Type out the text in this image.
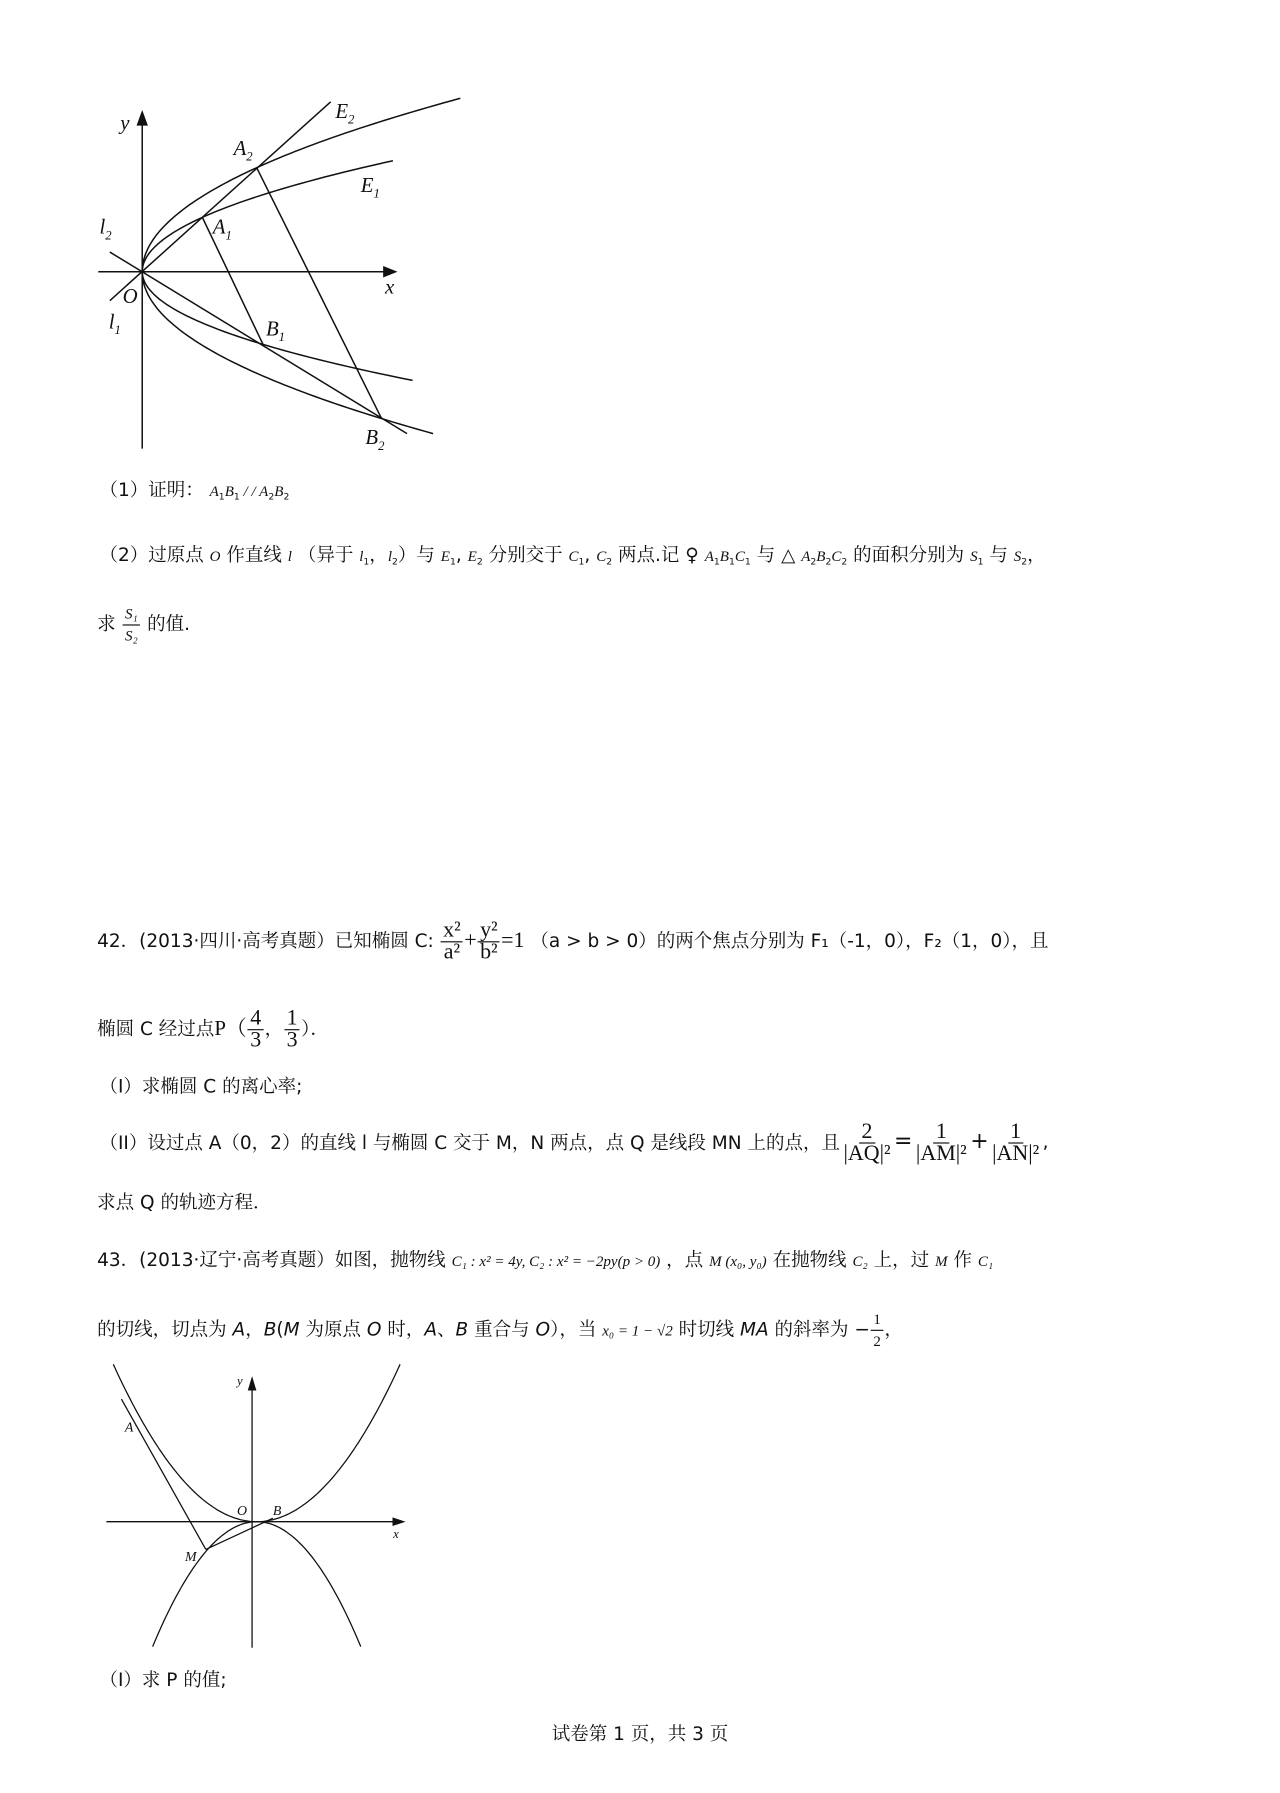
y
x
O
$E_2$
$E_1$
$A_2$
$A_1$
$l_2$
$l_1$	$B_1$
$B_2$
y
x
O B
A
M
（1）证明： $A_1B_1$ / / $A_2B_2$
（2）过原点 O 作直线 l （异于 $l_1$，$l_2$）与 $E_1$, $E_2$ 分别交于 $C_1$, $C_2$ 两点.记 ♀ $A_1B_1C_1$ 与 △ $A_2B_2C_2$ 的面积分别为 $S_1$ 与 $S_2$，
求 $\frac{\text{S₁}}{\text{S₂}}$ 的值.
42．(2013·四川·高考真题）已知椭圆 C: $\frac{\text{x²}}{\text{a²}} + \frac{\text{y²}}{\text{b²}} =1$ （a > b > 0）的两个焦点分别为 F₁（-1，0），F₂（1，0），且
椭圆 C 经过点$P( \frac{4}{3}$ ， $\frac{1}{3}$ ）．
（I）求椭圆 C 的离心率;
（II）设过点 A（0，2）的直线 l 与椭圆 C 交于 M，N 两点，点 Q 是线段 MN 上的点，且 $\frac{2}{\text{|AQ|²}} = \frac{1}{\text{|AM|²}} + \frac{1}{\text{|AN|²}}$ ,
求点 Q 的轨迹方程．
43．(2013·辽宁·高考真题）如图，抛物线 C₁ : x² = 4y, C₂ : x² = −2py(p > 0) ，点 M (x₀, y₀) 在抛物线 C₂ 上，过 M 作 C₁
的切线，切点为 A，B(M 为原点 O 时，A、B 重合与 O），当 x₀ = 1 − √2 时切线 MA 的斜率为 − $\frac{1}{2}$ ，
（I）求 P 的值;
试卷第 1 页，共 3 页
